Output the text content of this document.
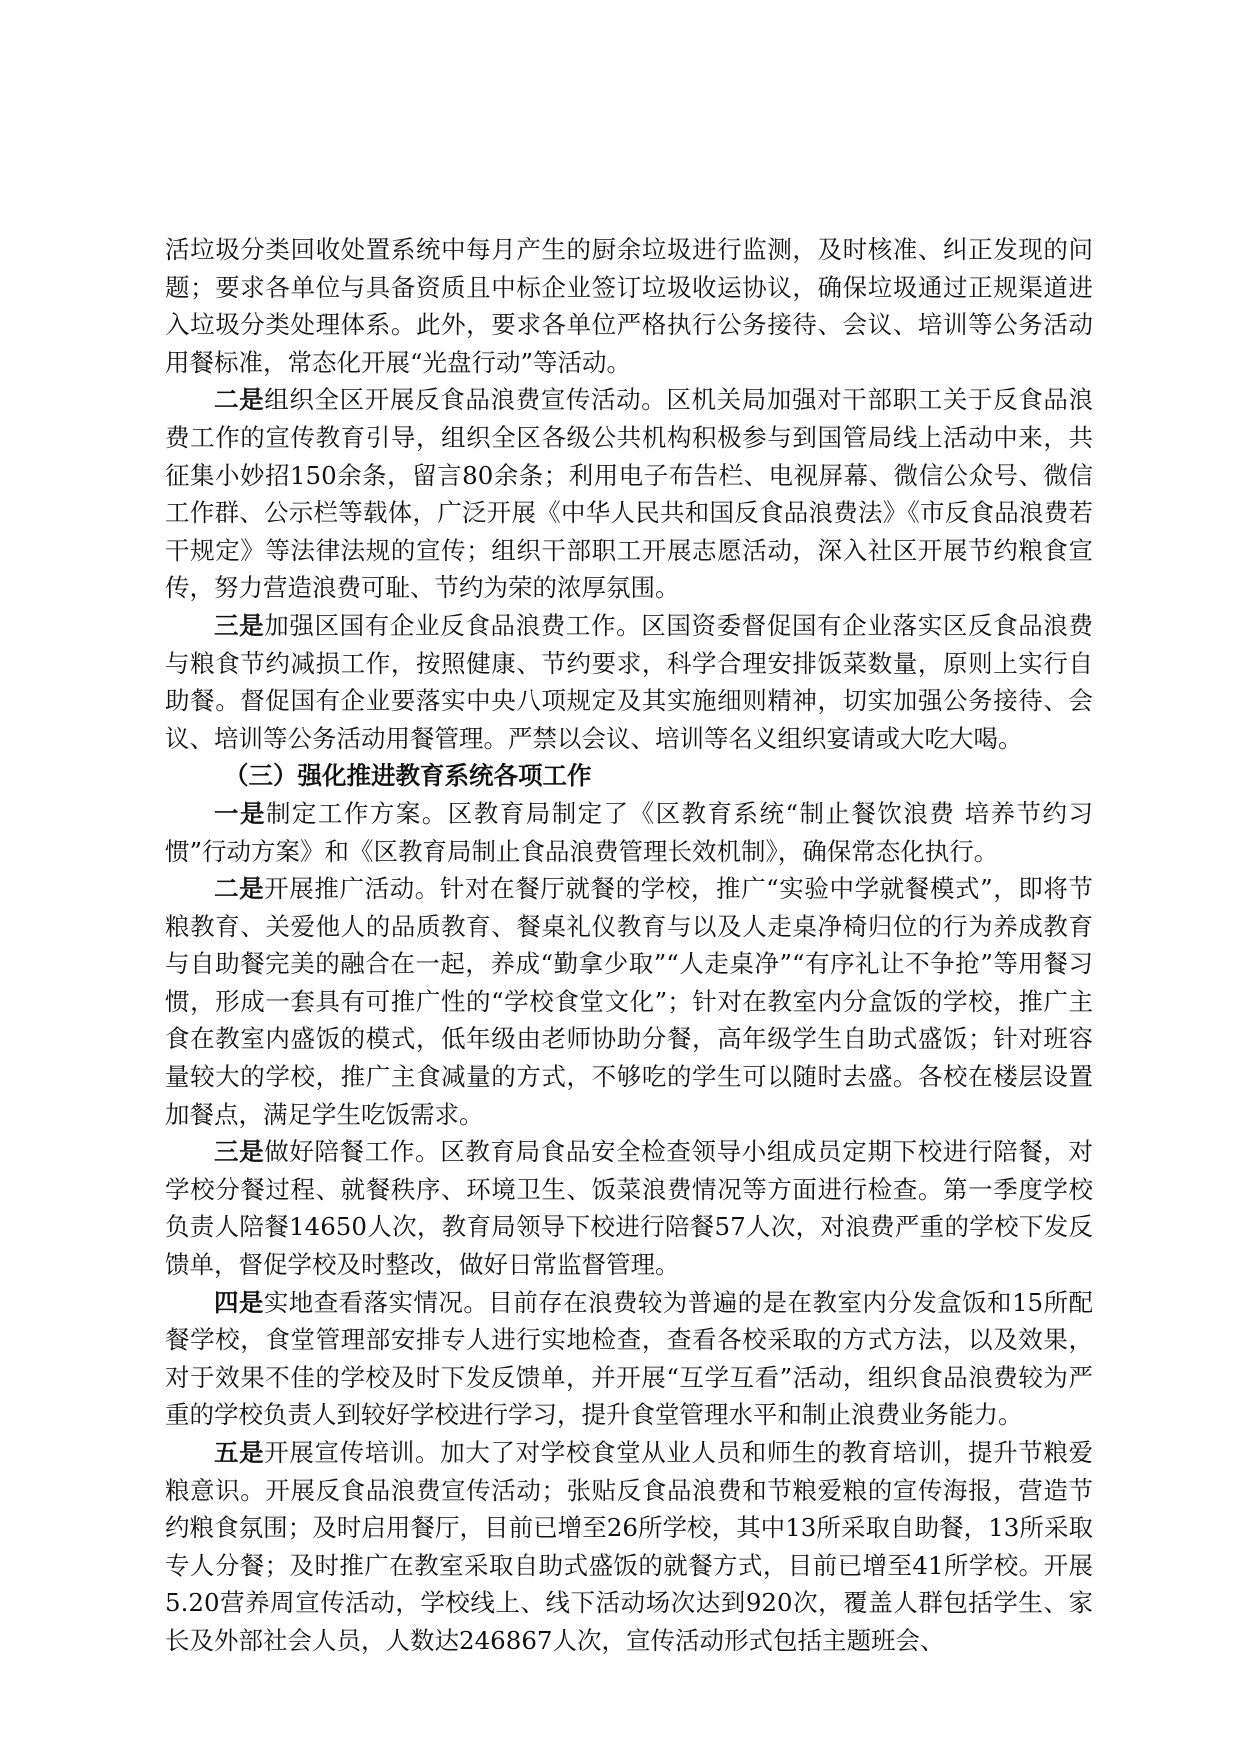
活垃圾分类回收处置系统中每月产生的厨余垃圾进行监测，及时核准、纠正发现的问题；要求各单位与具备资质且中标企业签订垃圾收运协议，确保垃圾通过正规渠道进入垃圾分类处理体系。此外，要求各单位严格执行公务接待、会议、培训等公务活动用餐标准，常态化开展“光盘行动”等活动。

二是组织全区开展反食品浪费宣传活动。区机关局加强对干部职工关于反食品浪费工作的宣传教育引导，组织全区各级公共机构积极参与到国管局线上活动中来，共征集小妙招150余条，留言80余条；利用电子布告栏、电视屏幕、微信公众号、微信工作群、公示栏等载体，广泛开展《中华人民共和国反食品浪费法》《市反食品浪费若干规定》等法律法规的宣传；组织干部职工开展志愿活动，深入社区开展节约粮食宣传，努力营造浪费可耻、节约为荣的浓厚氛围。

三是加强区国有企业反食品浪费工作。区国资委督促国有企业落实区反食品浪费与粮食节约减损工作，按照健康、节约要求，科学合理安排饭菜数量，原则上实行自助餐。督促国有企业要落实中央八项规定及其实施细则精神，切实加强公务接待、会议、培训等公务活动用餐管理。严禁以会议、培训等名义组织宴请或大吃大喝。

（三）强化推进教育系统各项工作

一是制定工作方案。区教育局制定了《区教育系统“制止餐饮浪费 培养节约习惯”行动方案》和《区教育局制止食品浪费管理长效机制》，确保常态化执行。

二是开展推广活动。针对在餐厅就餐的学校，推广“实验中学就餐模式”，即将节粮教育、关爱他人的品质教育、餐桌礼仪教育与以及人走桌净椅归位的行为养成教育与自助餐完美的融合在一起，养成“勤拿少取”“人走桌净”“有序礼让不争抢”等用餐习惯，形成一套具有可推广性的“学校食堂文化”；针对在教室内分盒饭的学校，推广主食在教室内盛饭的模式，低年级由老师协助分餐，高年级学生自助式盛饭；针对班容量较大的学校，推广主食减量的方式，不够吃的学生可以随时去盛。各校在楼层设置加餐点，满足学生吃饭需求。

三是做好陪餐工作。区教育局食品安全检查领导小组成员定期下校进行陪餐，对学校分餐过程、就餐秩序、环境卫生、饭菜浪费情况等方面进行检查。第一季度学校负责人陪餐14650人次，教育局领导下校进行陪餐57人次，对浪费严重的学校下发反馈单，督促学校及时整改，做好日常监督管理。

四是实地查看落实情况。目前存在浪费较为普遍的是在教室内分发盒饭和15所配餐学校，食堂管理部安排专人进行实地检查，查看各校采取的方式方法，以及效果，对于效果不佳的学校及时下发反馈单，并开展“互学互看”活动，组织食品浪费较为严重的学校负责人到较好学校进行学习，提升食堂管理水平和制止浪费业务能力。

五是开展宣传培训。加大了对学校食堂从业人员和师生的教育培训，提升节粮爱粮意识。开展反食品浪费宣传活动；张贴反食品浪费和节粮爱粮的宣传海报，营造节约粮食氛围；及时启用餐厅，目前已增至26所学校，其中13所采取自助餐，13所采取专人分餐；及时推广在教室采取自助式盛饭的就餐方式，目前已增至41所学校。开展5.20营养周宣传活动，学校线上、线下活动场次达到920次，覆盖人群包括学生、家长及外部社会人员，人数达246867人次，宣传活动形式包括主题班会、
